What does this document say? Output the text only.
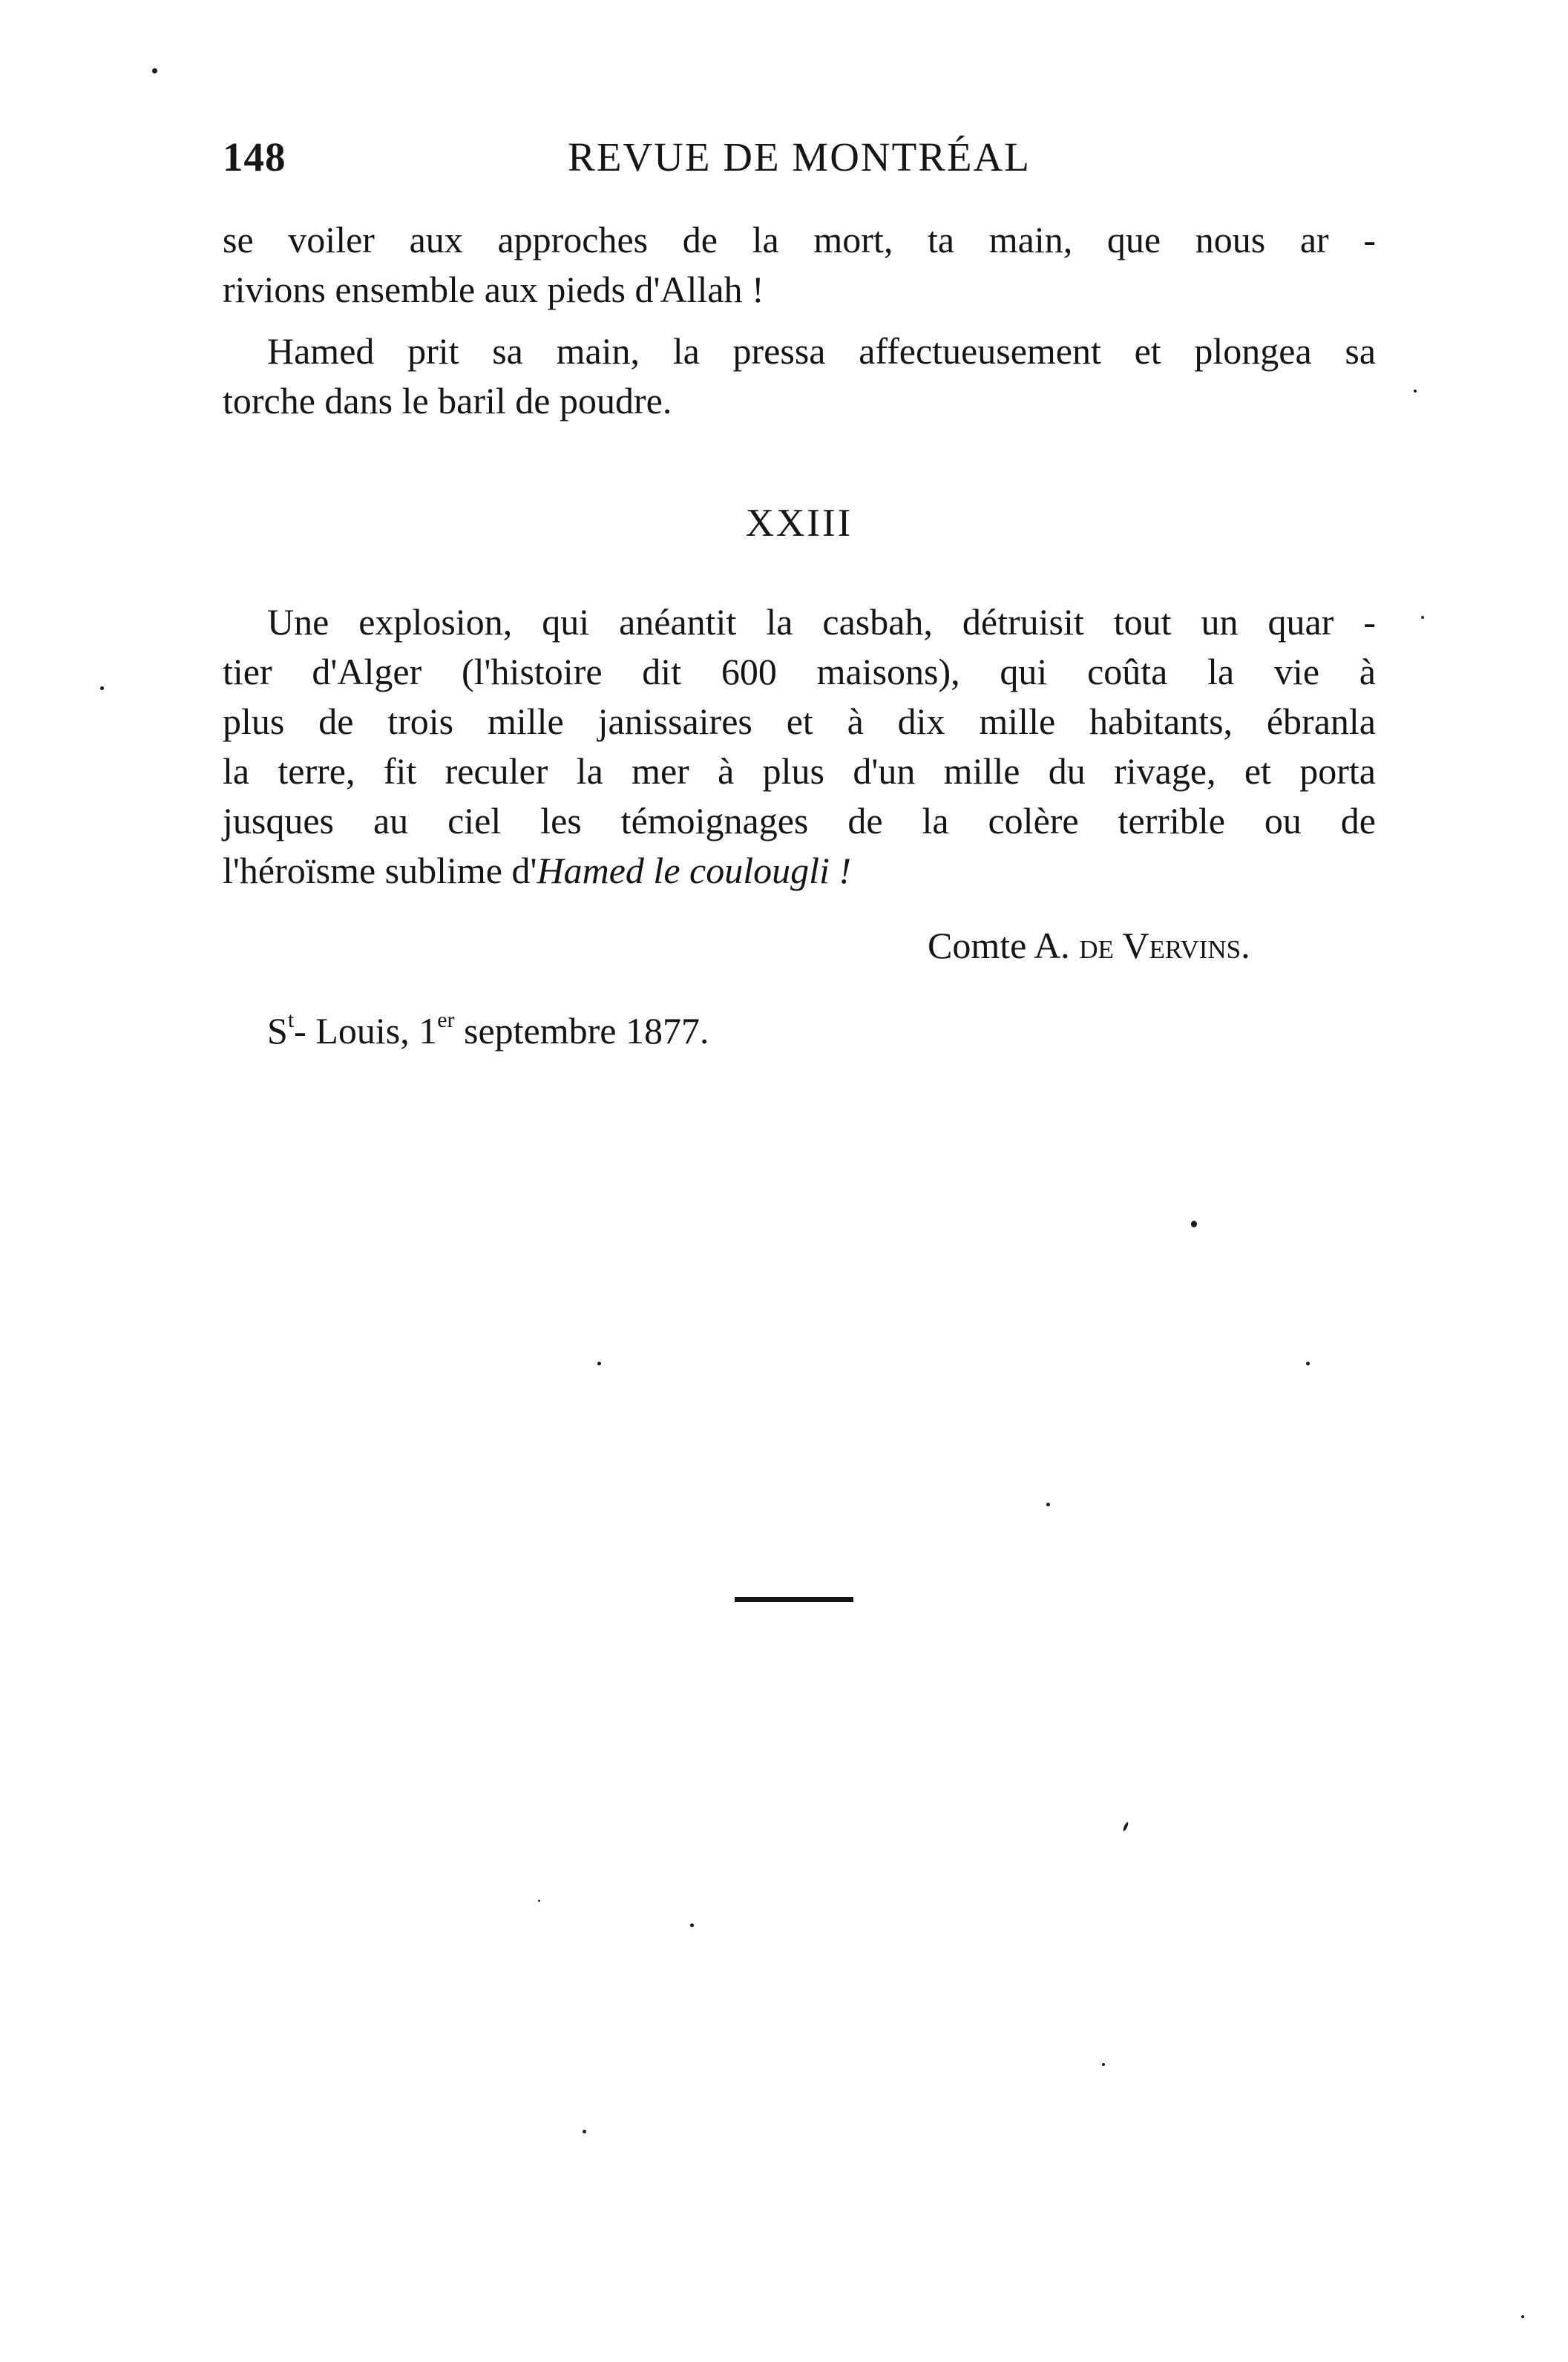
148	REVUE DE MONTRÉAL
se voiler aux approches de la mort, ta main, que nous ar -
rivions ensemble aux pieds d'Allah !
Hamed prit sa main, la pressa affectueusement et plongea sa
torche dans le baril de poudre.
XXIII
Une explosion, qui anéantit la casbah, détruisit tout un quar -
tier d'Alger (l'histoire dit 600 maisons), qui coûta la vie à
plus de trois mille janissaires et à dix mille habitants, ébranla
la terre, fit reculer la mer à plus d'un mille du rivage, et porta
jusques au ciel les témoignages de la colère terrible ou de
l'héroïsme sublime d'Hamed le coulougli !
Comte A. de Vervins.
$S^t-$ Louis, 1er septembre 1877.
